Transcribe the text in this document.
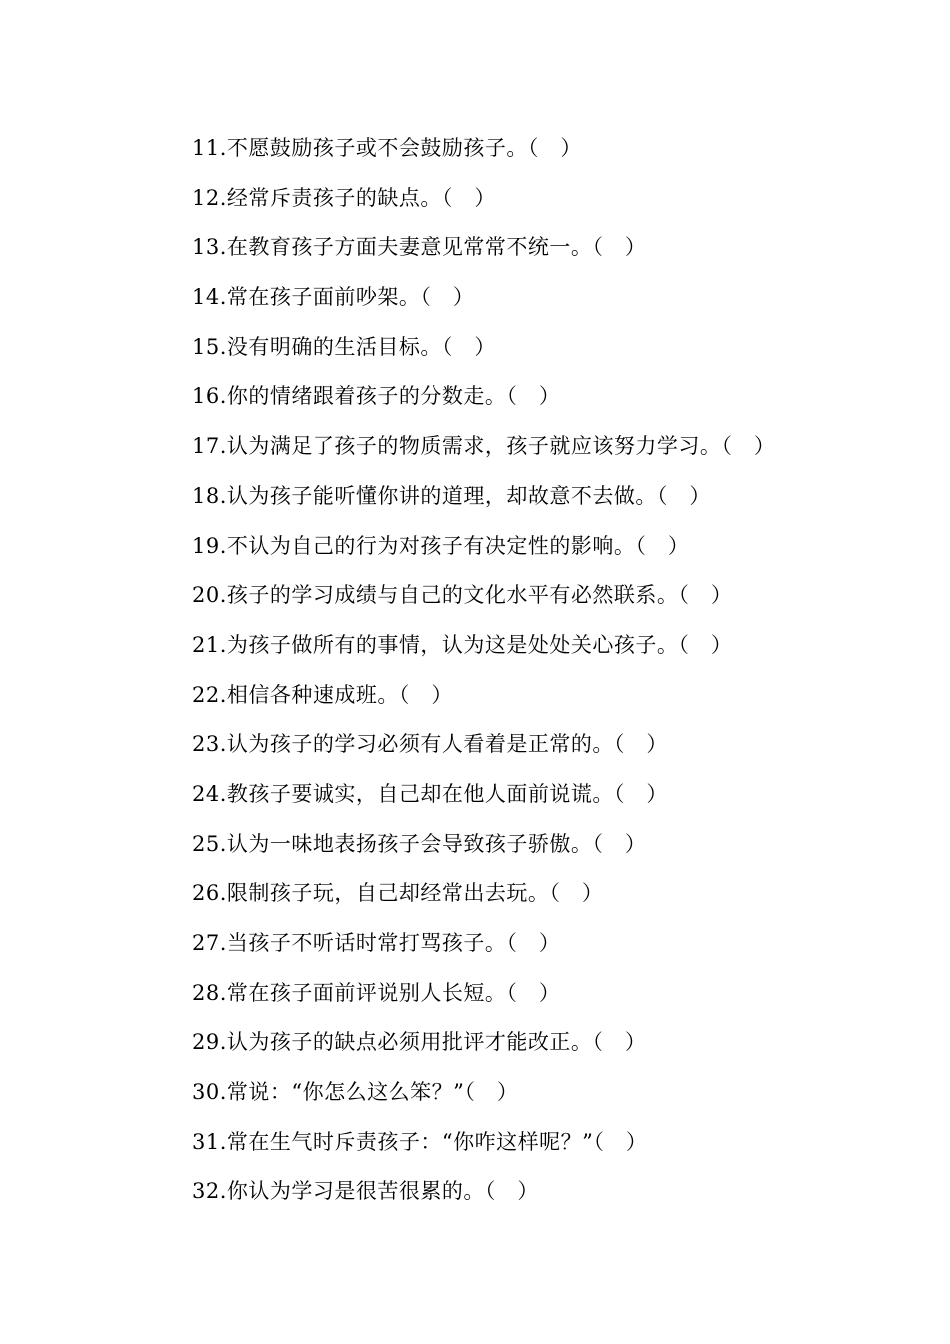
11.不愿鼓励孩子或不会鼓励孩子。（　）
12.经常斥责孩子的缺点。（　）
13.在教育孩子方面夫妻意见常常不统一。（　）
14.常在孩子面前吵架。（　）
15.没有明确的生活目标。（　）
16.你的情绪跟着孩子的分数走。（　）
17.认为满足了孩子的物质需求，孩子就应该努力学习。（　）
18.认为孩子能听懂你讲的道理，却故意不去做。（　）
19.不认为自己的行为对孩子有决定性的影响。（　）
20.孩子的学习成绩与自己的文化水平有必然联系。（　）
21.为孩子做所有的事情，认为这是处处关心孩子。（　）
22.相信各种速成班。（　）
23.认为孩子的学习必须有人看着是正常的。（　）
24.教孩子要诚实，自己却在他人面前说谎。（　）
25.认为一味地表扬孩子会导致孩子骄傲。（　）
26.限制孩子玩，自己却经常出去玩。（　）
27.当孩子不听话时常打骂孩子。（　）
28.常在孩子面前评说别人长短。（　）
29.认为孩子的缺点必须用批评才能改正。（　）
30.常说：“你怎么这么笨？”（　）
31.常在生气时斥责孩子：“你咋这样呢？”（　）
32.你认为学习是很苦很累的。（　）
